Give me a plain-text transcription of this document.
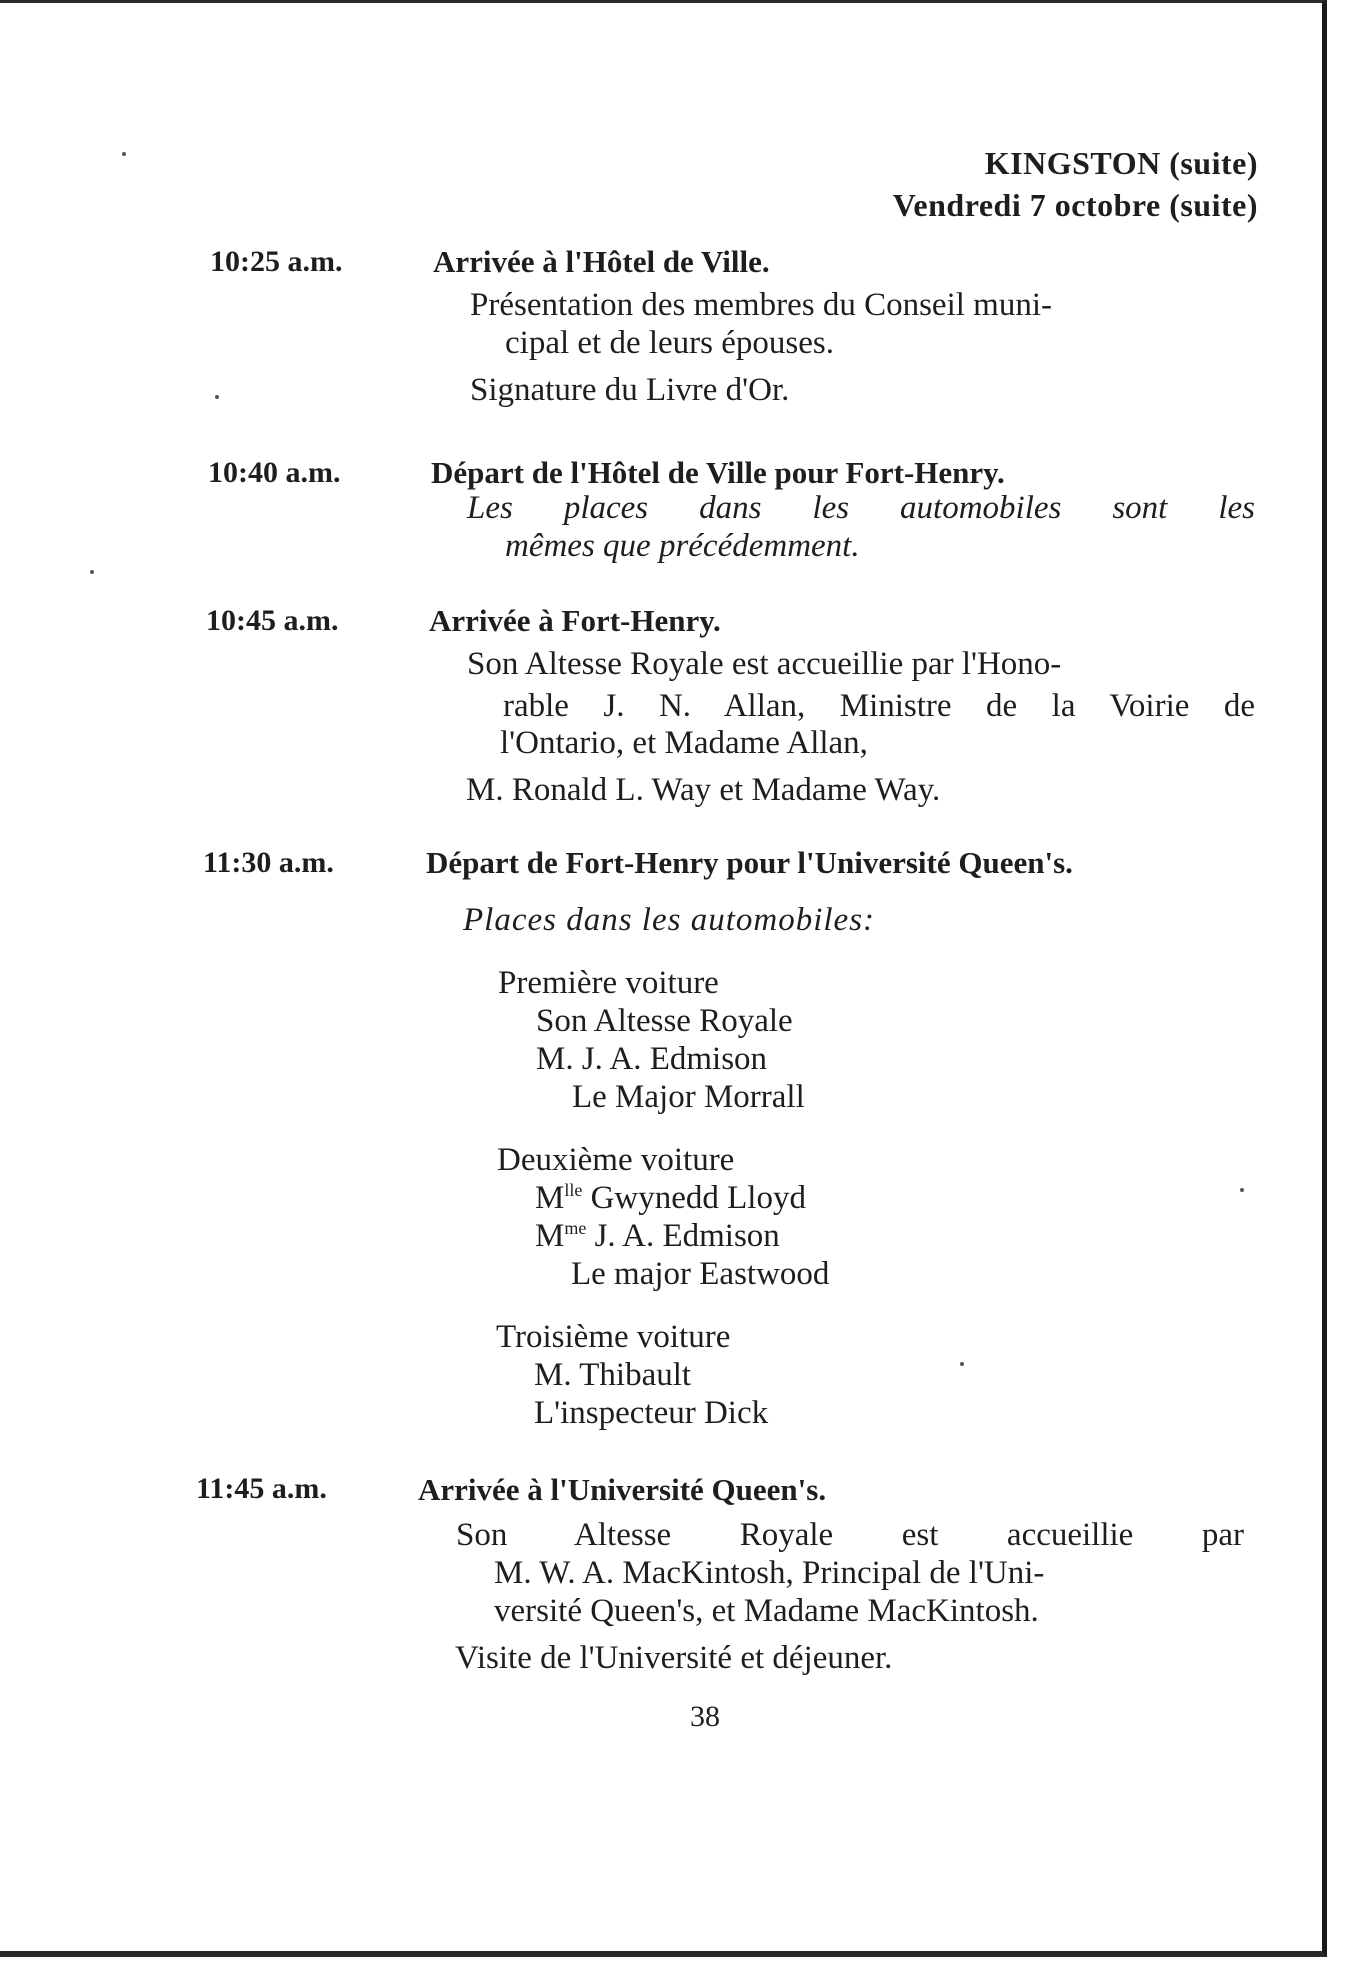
KINGSTON (suite)
Vendredi 7 octobre (suite)
10:25 a.m.	Arrivée à l'Hôtel de Ville.
Présentation des membres du Conseil muni-
cipal et de leurs épouses.
Signature du Livre d'Or.
10:40 a.m.	Départ de l'Hôtel de Ville pour Fort-Henry.
Les places dans les automobiles sont les
mêmes que précédemment.
10:45 a.m.	Arrivée à Fort-Henry.
Son Altesse Royale est accueillie par l'Hono-
rable J. N. Allan, Ministre de la Voirie de
l'Ontario, et Madame Allan,
M. Ronald L. Way et Madame Way.
11:30 a.m.	Départ de Fort-Henry pour l'Université Queen's.
Places dans les automobiles:
Première voiture
Son Altesse Royale
M. J. A. Edmison
Le Major Morrall
Deuxième voiture
$M^{lle}$ Gwynedd Lloyd
$M^{me}$ J. A. Edmison
Le major Eastwood
Troisième voiture
M. Thibault
L'inspecteur Dick
11:45 a.m.	Arrivée à l'Université Queen's.
Son Altesse Royale est accueillie par
M. W. A. MacKintosh, Principal de l'Uni-
versité Queen's, et Madame MacKintosh.
Visite de l'Université et déjeuner.
38
